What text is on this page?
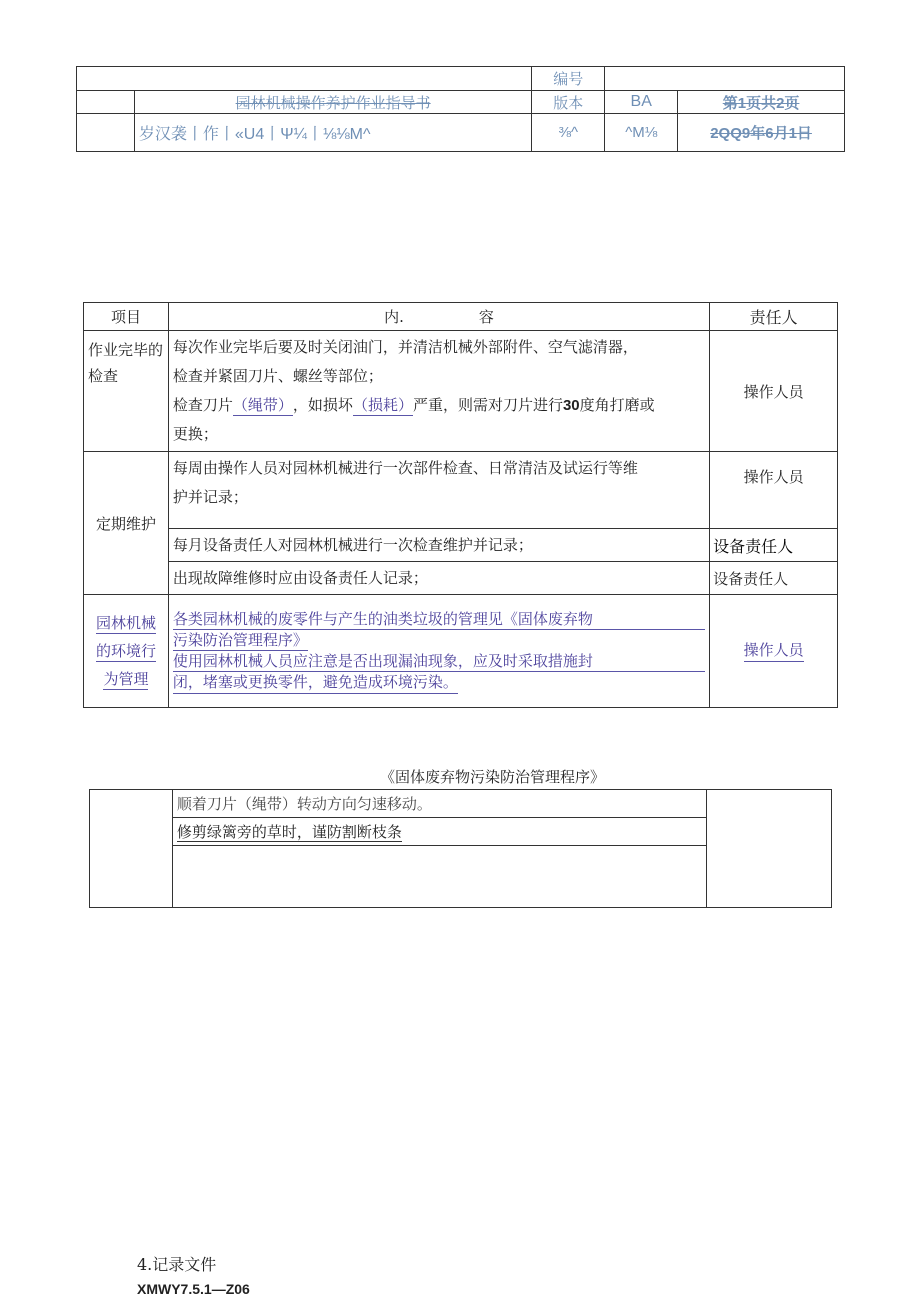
		编号		
	园林机械操作养护作业指导书	版本	BA	第1页共2页
	岁汉袭丨作丨«U4丨Ψ¼丨⅛⅛M^	⅜^	^M⅛	2QQ9年6月1日
项目	内.　　　　　容	责任人
作业完毕的检查	每次作业完毕后要及时关闭油门，并清洁机械外部附件、空气滤清器，
检查并紧固刀片、螺丝等部位；
检查刀片（绳带），如损坏（损耗）严重，则需对刀片进行30度角打磨或
更换；	操作人员
定期维护	每周由操作人员对园林机械进行一次部件检查、日常清洁及试运行等维
护并记录；	操作人员
	每月设备责任人对园林机械进行一次检查维护并记录；	设备责任人
	出现故障维修时应由设备责任人记录；	设备责任人
园林机械
的环境行
为管理	各类园林机械的废零件与产生的油类垃圾的管理见《固体废弃物
污染防治管理程序》
使用园林机械人员应注意是否出现漏油现象，应及时采取措施封
闭，堵塞或更换零件，避免造成环境污染。	操作人员
《固体废弃物污染防治管理程序》
	顺着刀片（绳带）转动方向匀速移动。	
修剪绿篱旁的草时，谨防割断枝条

4.记录文件
XMWY7.5.1—Z06
